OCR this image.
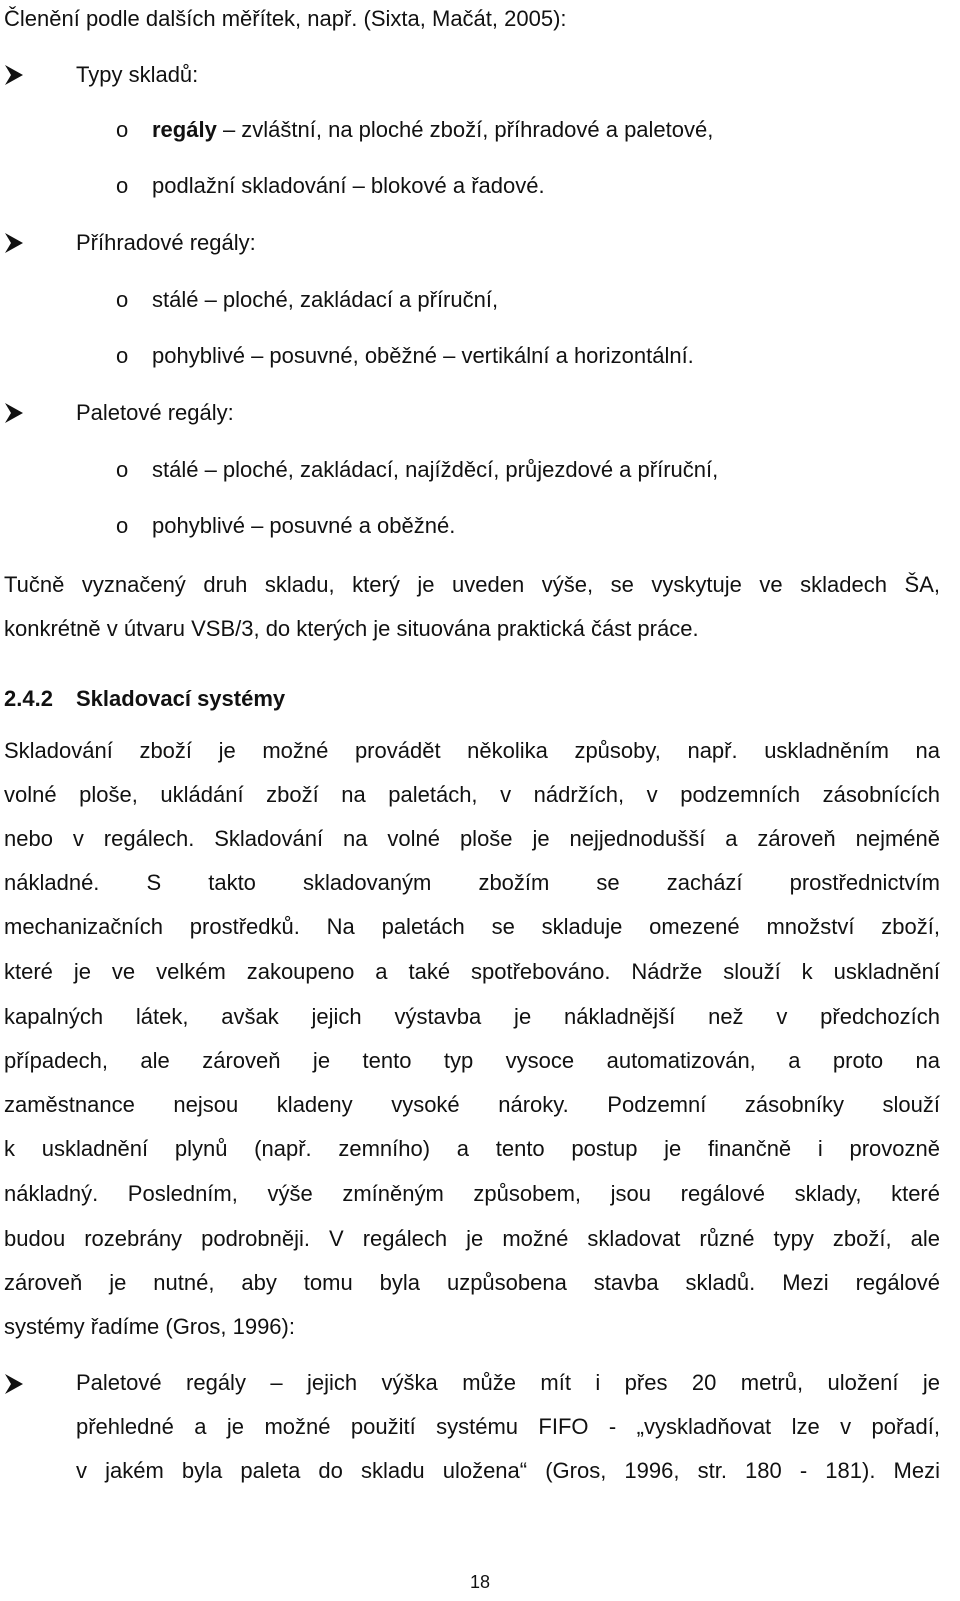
Členění podle dalších měřítek, např. (Sixta, Mačát, 2005):
Typy skladů:
o regály – zvláštní, na ploché zboží, příhradové a paletové,
o podlažní skladování – blokové a řadové.
Příhradové regály:
o stálé – ploché, zakládací a příruční,
o pohyblivé – posuvné, oběžné – vertikální a horizontální.
Paletové regály:
o stálé – ploché, zakládací, najížděcí, průjezdové a příruční,
o pohyblivé – posuvné a oběžné.
Tučně vyznačený druh skladu, který je uveden výše, se vyskytuje ve skladech ŠA,
konkrétně v útvaru VSB/3, do kterých je situována praktická část práce.
2.4.2 Skladovací systémy
Skladování zboží je možné provádět několika způsoby, např. uskladněním na
volné ploše, ukládání zboží na paletách, v nádržích, v podzemních zásobnících
nebo v regálech. Skladování na volné ploše je nejjednodušší a zároveň nejméně
nákladné. S takto skladovaným zbožím se zachází prostřednictvím
mechanizačních prostředků. Na paletách se skladuje omezené množství zboží,
které je ve velkém zakoupeno a také spotřebováno. Nádrže slouží k uskladnění
kapalných látek, avšak jejich výstavba je nákladnější než v předchozích
případech, ale zároveň je tento typ vysoce automatizován, a proto na
zaměstnance nejsou kladeny vysoké nároky. Podzemní zásobníky slouží
k uskladnění plynů (např. zemního) a tento postup je finančně i provozně
nákladný. Posledním, výše zmíněným způsobem, jsou regálové sklady, které
budou rozebrány podrobněji. V regálech je možné skladovat různé typy zboží, ale
zároveň je nutné, aby tomu byla uzpůsobena stavba skladů. Mezi regálové
systémy řadíme (Gros, 1996):
Paletové regály – jejich výška může mít i přes 20 metrů, uložení je
přehledné a je možné použití systému FIFO - „vyskladňovat lze v pořadí,
v jakém byla paleta do skladu uložena“ (Gros, 1996, str. 180 - 181). Mezi
18
